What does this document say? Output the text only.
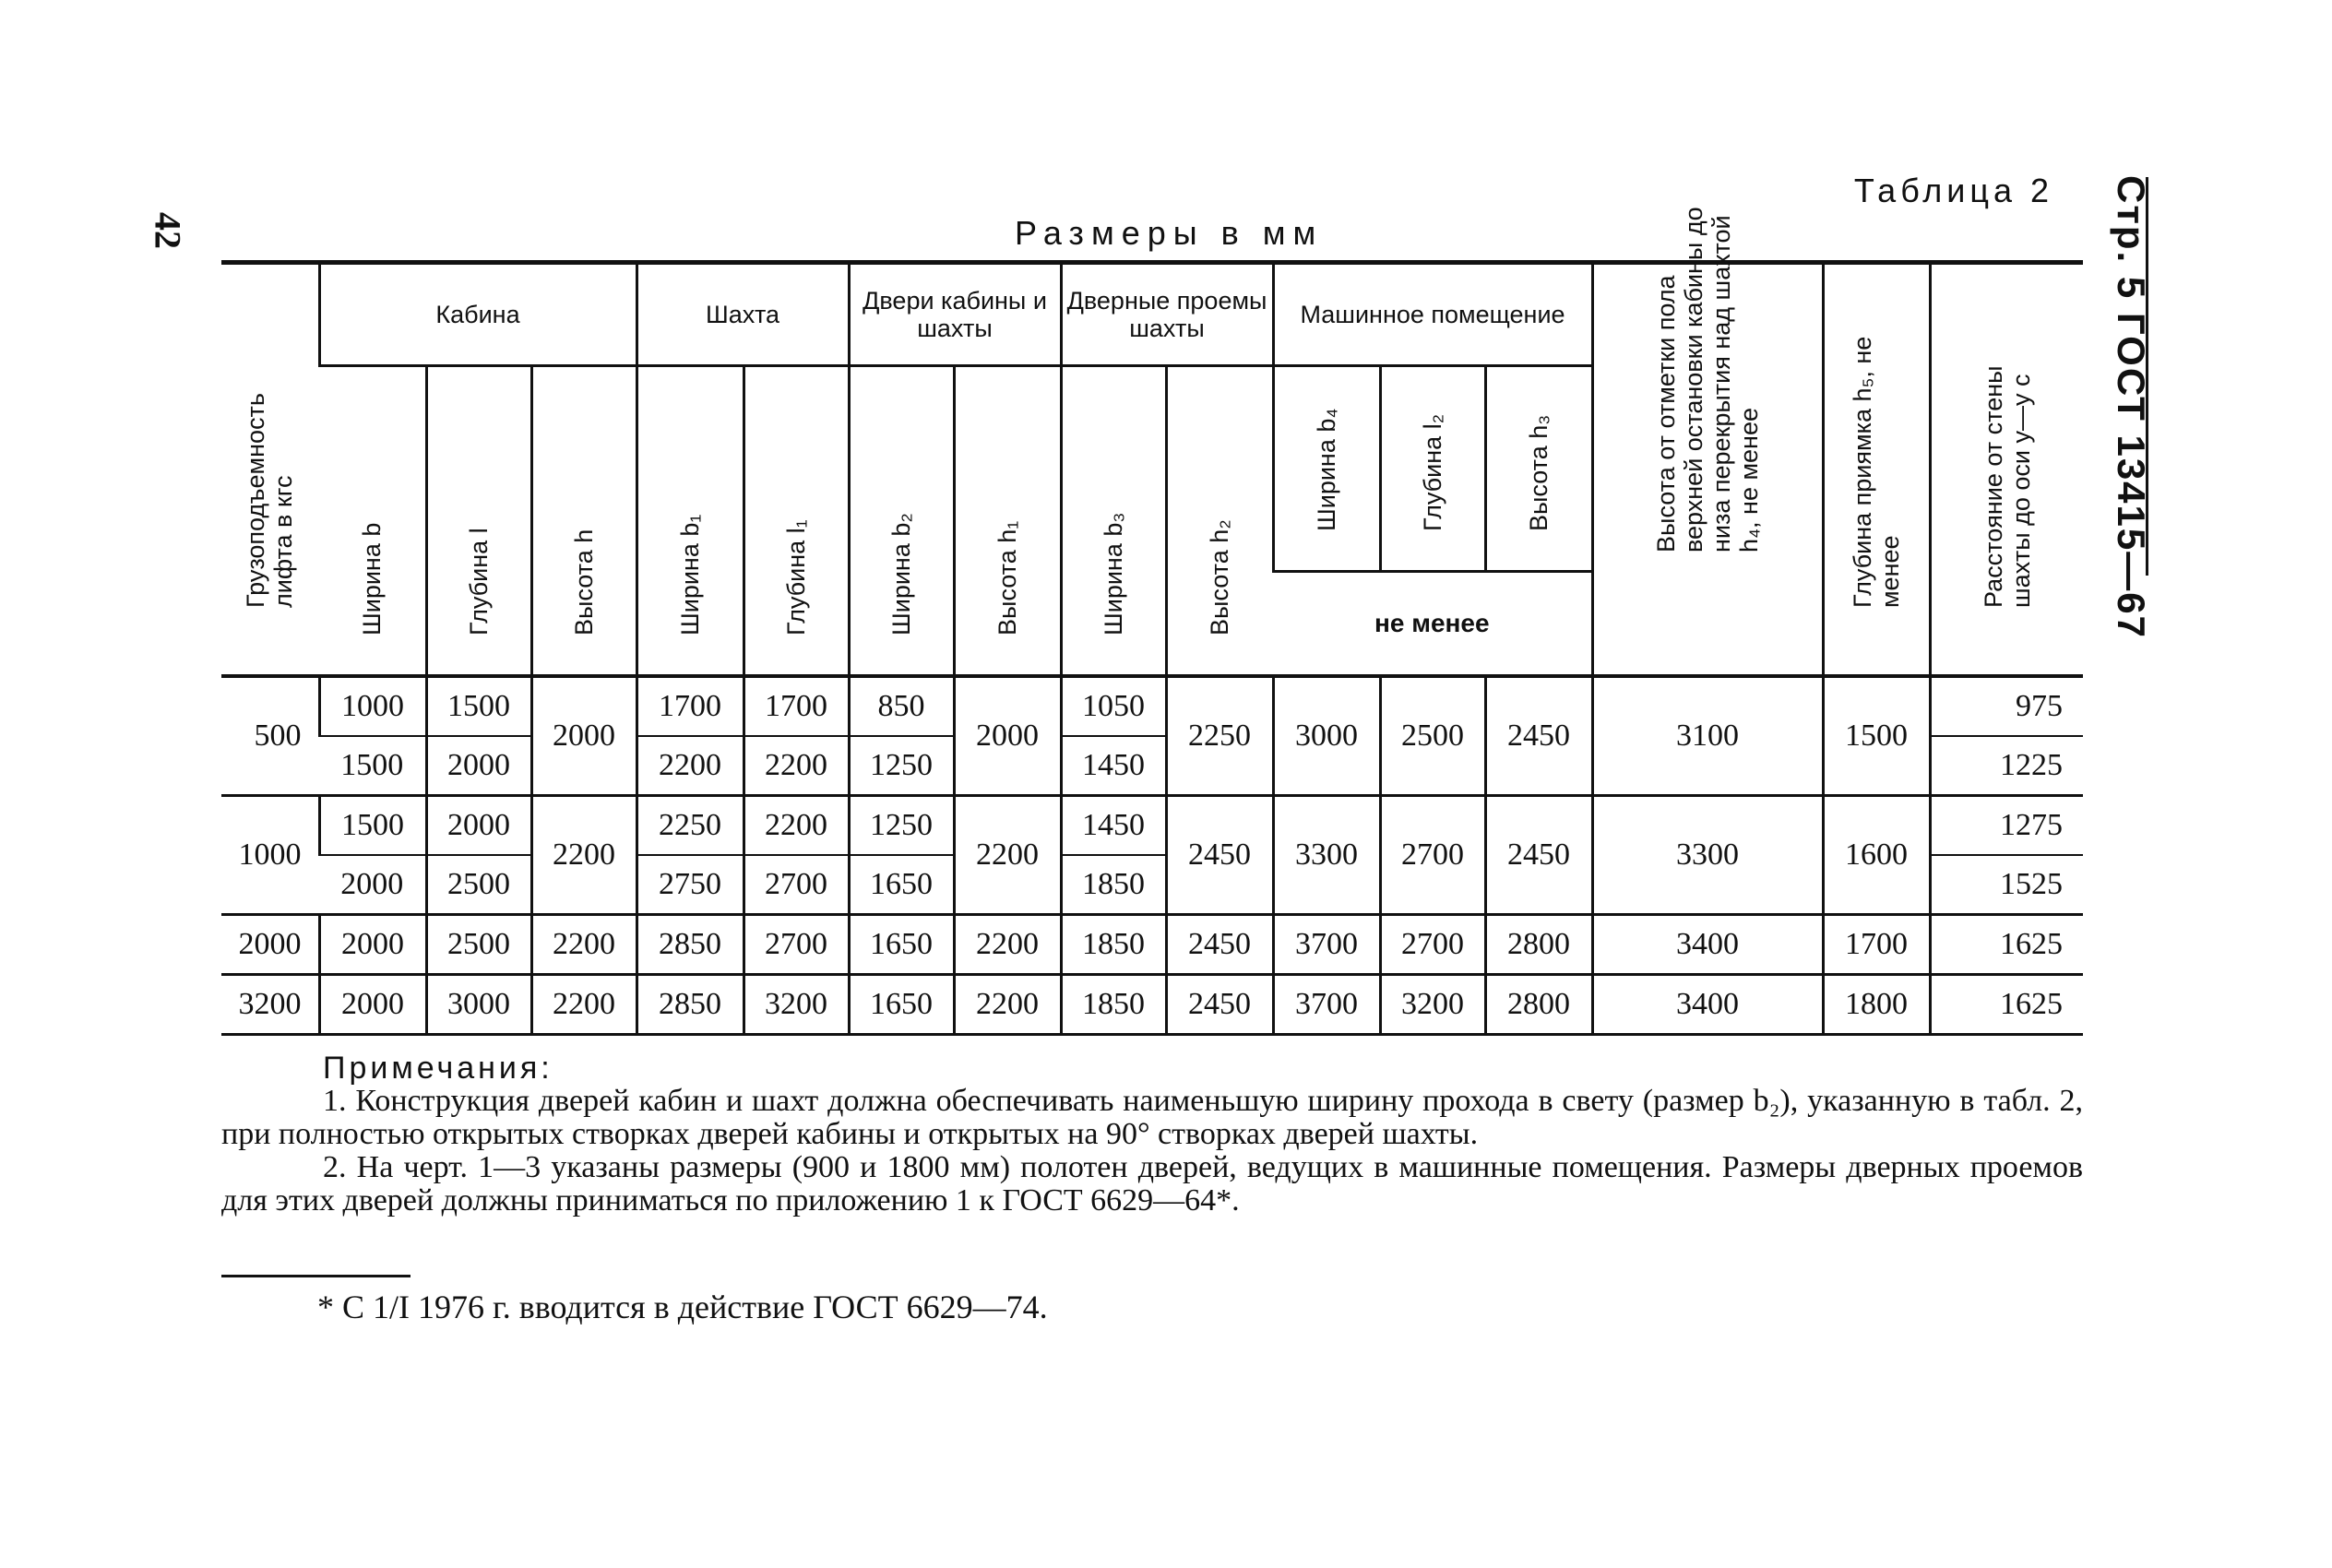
42	Стр. 5 ГОСТ 13415—67
Таблица 2
Размеры в мм
Грузоподъемность лифта в кгс	Кабина			Шахта		Двери кабины и шахты		Дверные проемы шахты		Машинное помещение			Высота от отметки пола верхней остановки кабины до низа перекрытия над шахтой h₄, не менее	Глубина приямка h₅, не менее	Расстояние от стены шахты до оси у—у с

	Ширина b	Глубина l	Высота h	Ширина b₁	Глубина l₁	Ширина b₂	Высота h₁	Ширина b₃	Высота h₂	Ширина b₄	Глубина l₂	Высота h₃			

										не менее					
500	1000	1500	2000	1700	1700	850	2000	1050	2250	3000	2500	2450	3100	1500	975
	1500	2000		2200	2200	1250		1450							1225
1000	1500	2000	2200	2250	2200	1250	2200	1450	2450	3300	2700	2450	3300	1600	1275
	2000	2500		2750	2700	1650		1850							1525
2000	2000	2500	2200	2850	2700	1650	2200	1850	2450	3700	2700	2800	3400	1700	1625
3200	2000	3000	2200	2850	3200	1650	2200	1850	2450	3700	3200	2800	3400	1800	1625

Примечания:

1. Конструкция дверей кабин и шахт должна обеспечивать наименьшую ширину прохода в свету (размер b₂), указанную в табл. 2, при полностью открытых створках дверей кабины и открытых на 90° створках дверей шахты.

2. На черт. 1—3 указаны размеры (900 и 1800 мм) полотен дверей, ведущих в машинные помещения. Размеры дверных проемов для этих дверей должны приниматься по приложению 1 к ГОСТ 6629—64*.

* С 1/I 1976 г. вводится в действие ГОСТ 6629—74.
